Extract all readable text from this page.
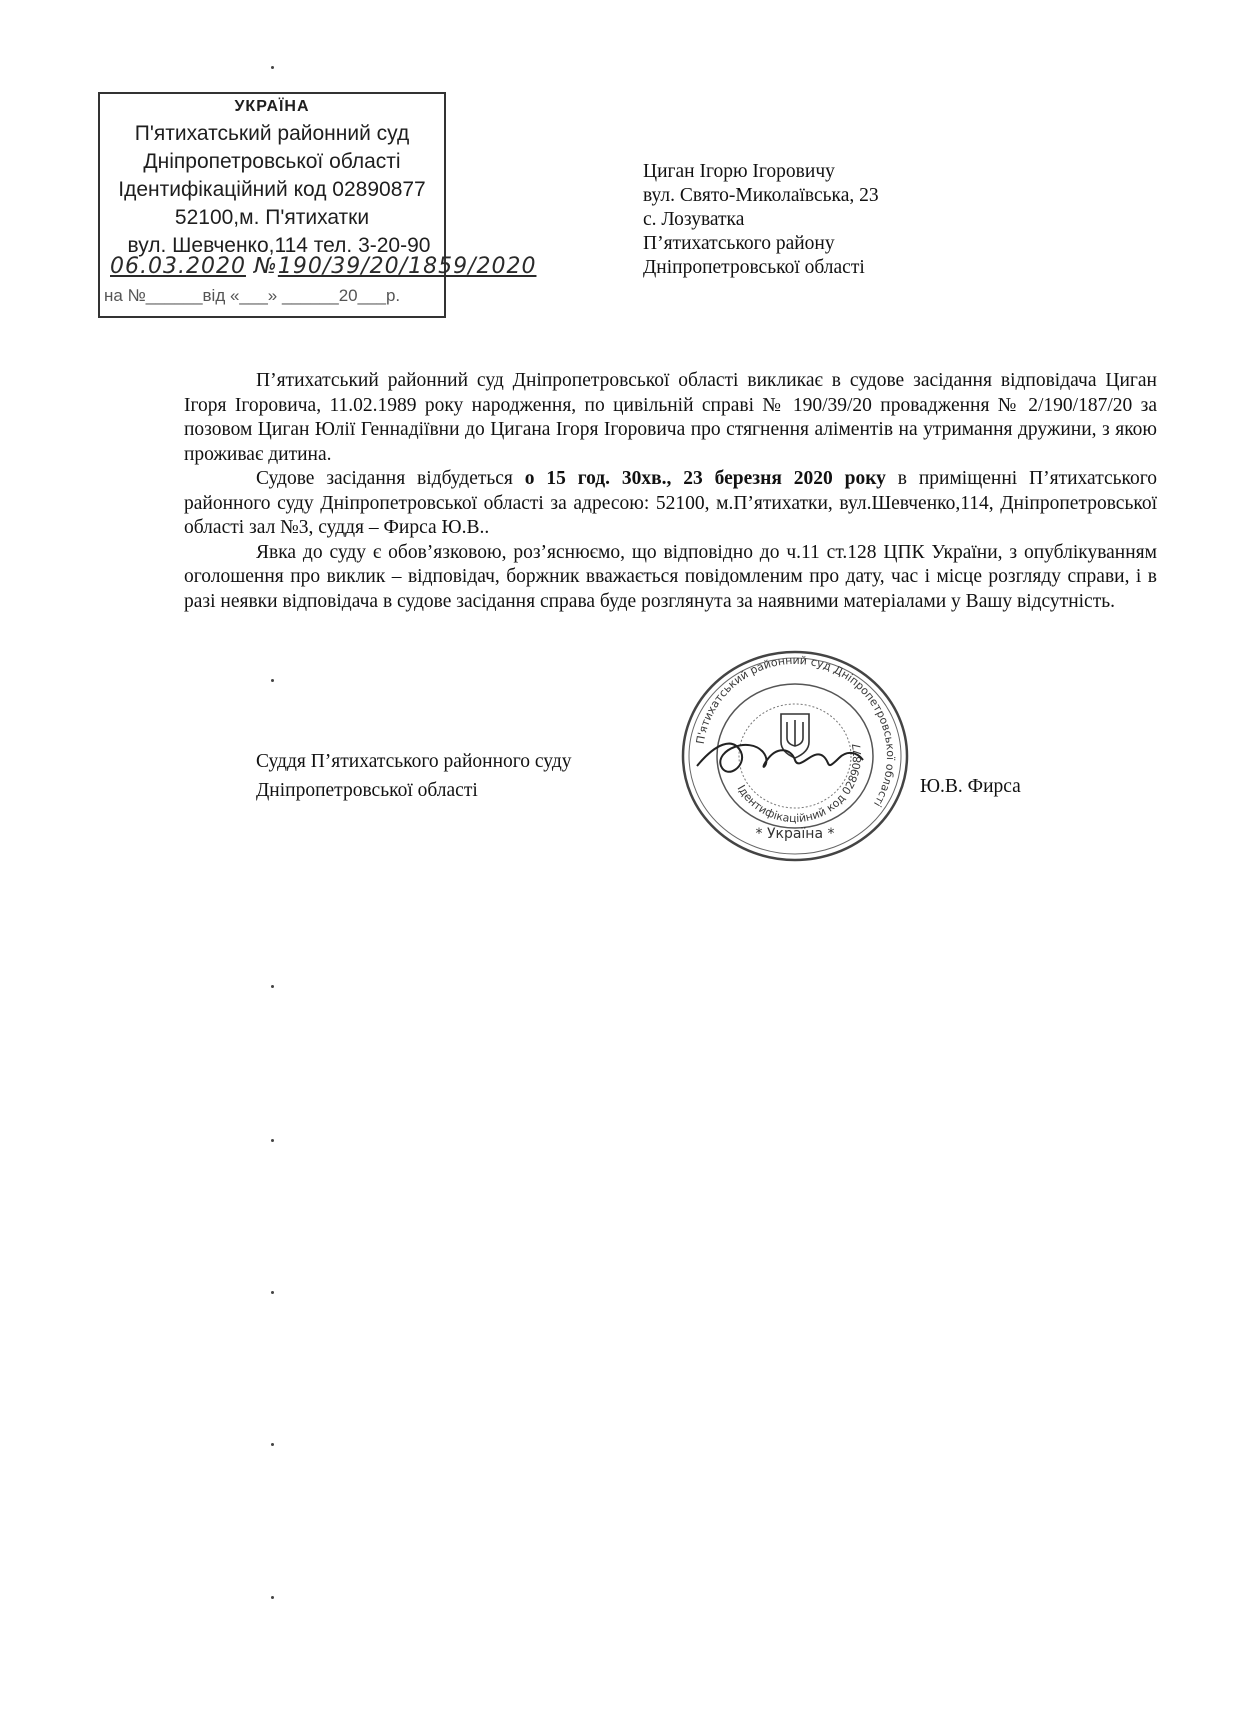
УКРАЇНА
П'ятихатський районний суд
Дніпропетровської області
Ідентифікаційний код 02890877
52100,м. П'ятихатки
вул. Шевченко,114 тел. 3-20-90
06.03.2020 №190/39/20/1859/2020
на №______від «___» ______20___р.
Циган Ігорю Ігоровичу
вул. Свято-Миколаївська, 23
с. Лозуватка
П’ятихатського району
Дніпропетровської області

П’ятихатський районний суд Дніпропетровської області викликає в судове засідання відповідача Циган Ігоря Ігоровича, 11.02.1989 року народження, по цивільній справі № 190/39/20 провадження № 2/190/187/20 за позовом Циган Юлії Геннадіївни до Цигана Ігоря Ігоровича про стягнення аліментів на утримання дружини, з якою проживає дитина.

Судове засідання відбудеться о 15 год. 30хв., 23 березня 2020 року в приміщенні П’ятихатського районного суду Дніпропетровської області за адресою: 52100, м.П’ятихатки, вул.Шевченко,114, Дніпропетровської області зал №3, суддя – Фирса Ю.В..

Явка до суду є обов’язковою, роз’яснюємо, що відповідно до ч.11 ст.128 ЦПК України, з опублікуванням оголошення про виклик – відповідач, боржник вважається повідомленим про дату, час і місце розгляду справи, і в разі неявки відповідача в судове засідання справа буде розглянута за наявними матеріалами у Вашу відсутність.

П'ятихатський районний суд Дніпропетровської області
Ідентифікаційний код 02890877
* Україна *
Суддя П’ятихатського районного суду
Дніпропетровської області	Ю.В. Фирса
